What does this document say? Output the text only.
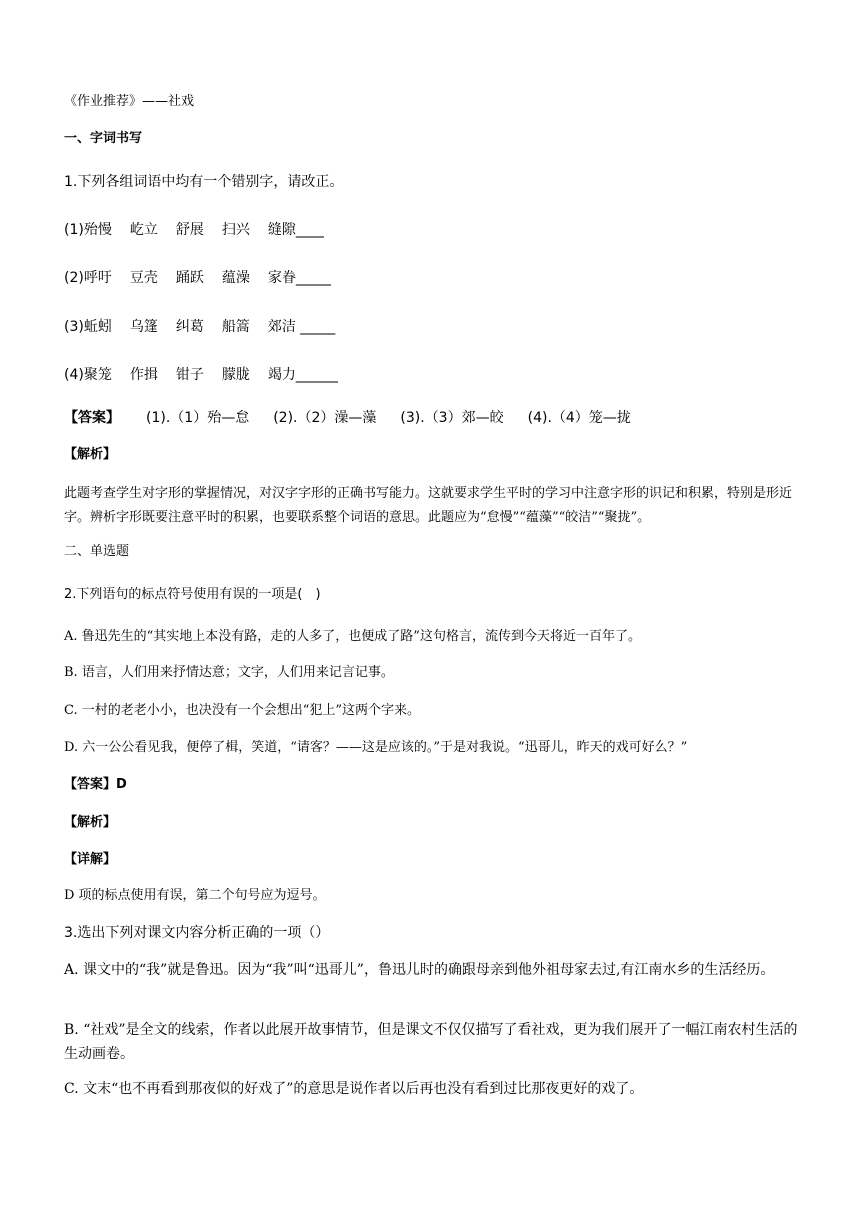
《作业推荐》——社戏
一、字词书写
1.下列各组词语中均有一个错别字，请改正。
(1)殆慢 屹立 舒展 扫兴 缝隙____
(2)呼吁 豆壳 踊跃 蕴澡 家眷_____
(3)蚯蚓 乌篷 纠葛 船篙 郊洁 _____
(4)聚笼 作揖 钳子 朦胧 竭力______
【答案】 (1).（1）殆—怠 (2).（2）澡—藻 (3).（3）郊—皎 (4).（4）笼—拢
【解析】
此题考查学生对字形的掌握情况，对汉字字形的正确书写能力。这就要求学生平时的学习中注意字形的识记和积累，特别是形近字。辨析字形既要注意平时的积累，也要联系整个词语的意思。此题应为“怠慢”“蕴藻”“皎洁”“聚拢”。
二、单选题
2.下列语句的标点符号使用有误的一项是(　)
A. 鲁迅先生的“其实地上本没有路，走的人多了，也便成了路”这句格言，流传到今天将近一百年了。
B. 语言，人们用来抒情达意；文字，人们用来记言记事。
C. 一村的老老小小，也决没有一个会想出“犯上”这两个字来。
D. 六一公公看见我，便停了楫，笑道，“请客？——这是应该的。”于是对我说。“迅哥儿，昨天的戏可好么？”
【答案】D
【解析】
【详解】
D 项的标点使用有误，第二个句号应为逗号。
3.选出下列对课文内容分析正确的一项（）
A. 课文中的“我”就是鲁迅。因为“我”叫“迅哥儿”，鲁迅儿时的确跟母亲到他外祖母家去过,有江南水乡的生活经历。
B. “社戏”是全文的线索，作者以此展开故事情节，但是课文不仅仅描写了看社戏，更为我们展开了一幅江南农村生活的生动画卷。
C. 文末“也不再看到那夜似的好戏了”的意思是说作者以后再也没有看到过比那夜更好的戏了。
